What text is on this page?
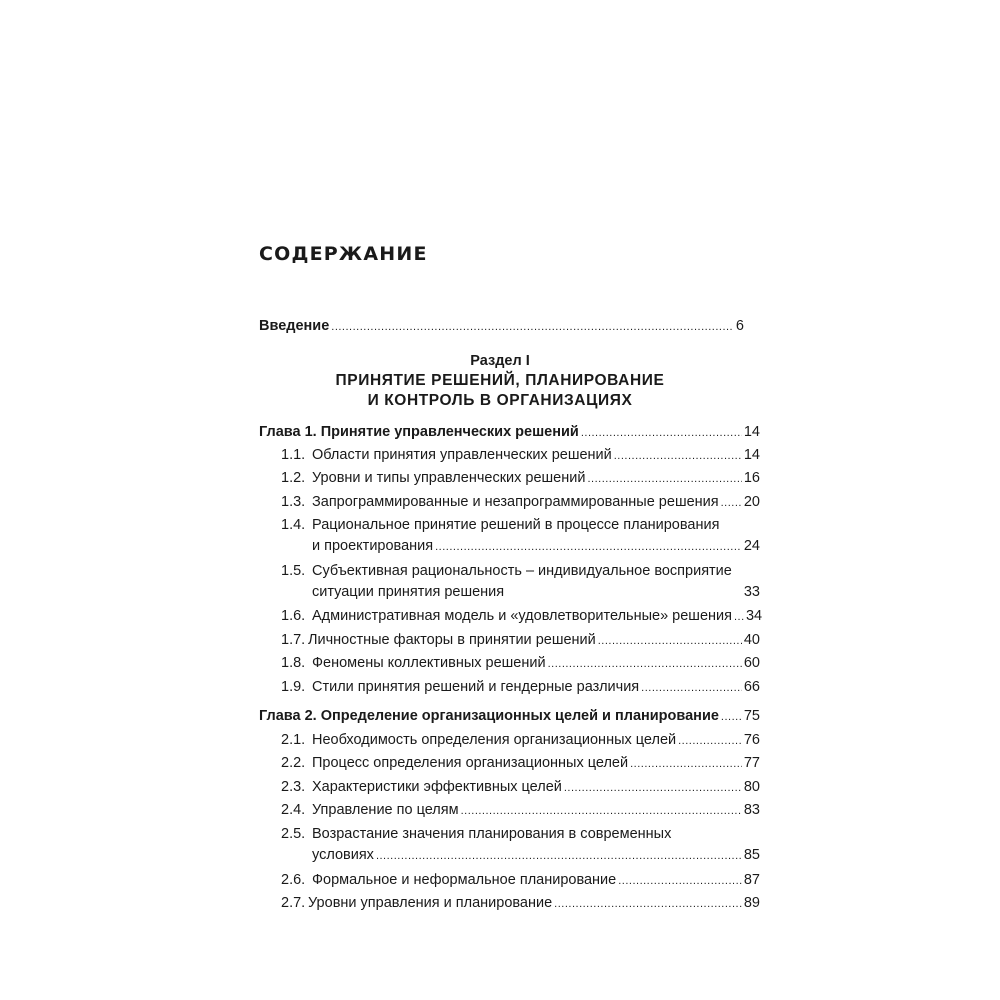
СОДЕРЖАНИЕ
Введение .....	6
Раздел I
ПРИНЯТИЕ РЕШЕНИЙ, ПЛАНИРОВАНИЕ
И КОНТРОЛЬ В ОРГАНИЗАЦИЯХ
Глава 1. Принятие управленческих решений .....	14
1.1. Области принятия управленческих решений .....	14
1.2. Уровни и типы управленческих решений .....	16
1.3. Запрограммированные и незапрограммированные решения ..... 20
1.4. Рациональное принятие решений в процессе планирования
и проектирования .....	24
1.5. Субъективная рациональность – индивидуальное восприятие
ситуации принятия решения	33
1.6. Административная модель и «удовлетворительные» решения ..... 34
1.7. Личностные факторы в принятии решений .....	40
1.8. Феномены коллективных решений .....	60
1.9. Стили принятия решений и гендерные различия .....	66
Глава 2. Определение организационных целей и планирование ..... 75
2.1. Необходимость определения организационных целей .....	76
2.2. Процесс определения организационных целей .....	77
2.3. Характеристики эффективных целей .....	80
2.4. Управление по целям .....	83
2.5. Возрастание значения планирования в современных
условиях .....	85
2.6. Формальное и неформальное планирование .....	87
2.7. Уровни управления и планирование .....	89
